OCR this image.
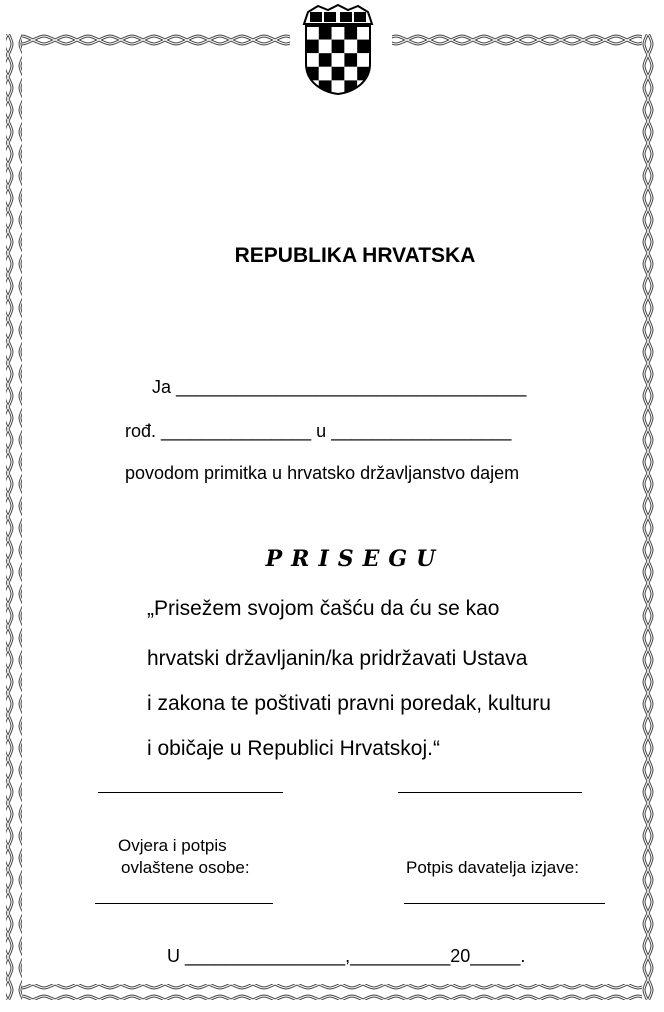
REPUBLIKA HRVATSKA
Ja ___________________________________
rođ. _______________ u __________________
povodom primitka u hrvatsko državljanstvo dajem
PRISEGU
„Prisežem svojom čašću da ću se kao
hrvatski državljanin/ka pridržavati Ustava
i zakona te poštivati pravni poredak, kulturu
i običaje u Republici Hrvatskoj.“
Ovjera i potpis
ovlaštene osobe:	Potpis davatelja izjave:
U ________________,__________20_____.
